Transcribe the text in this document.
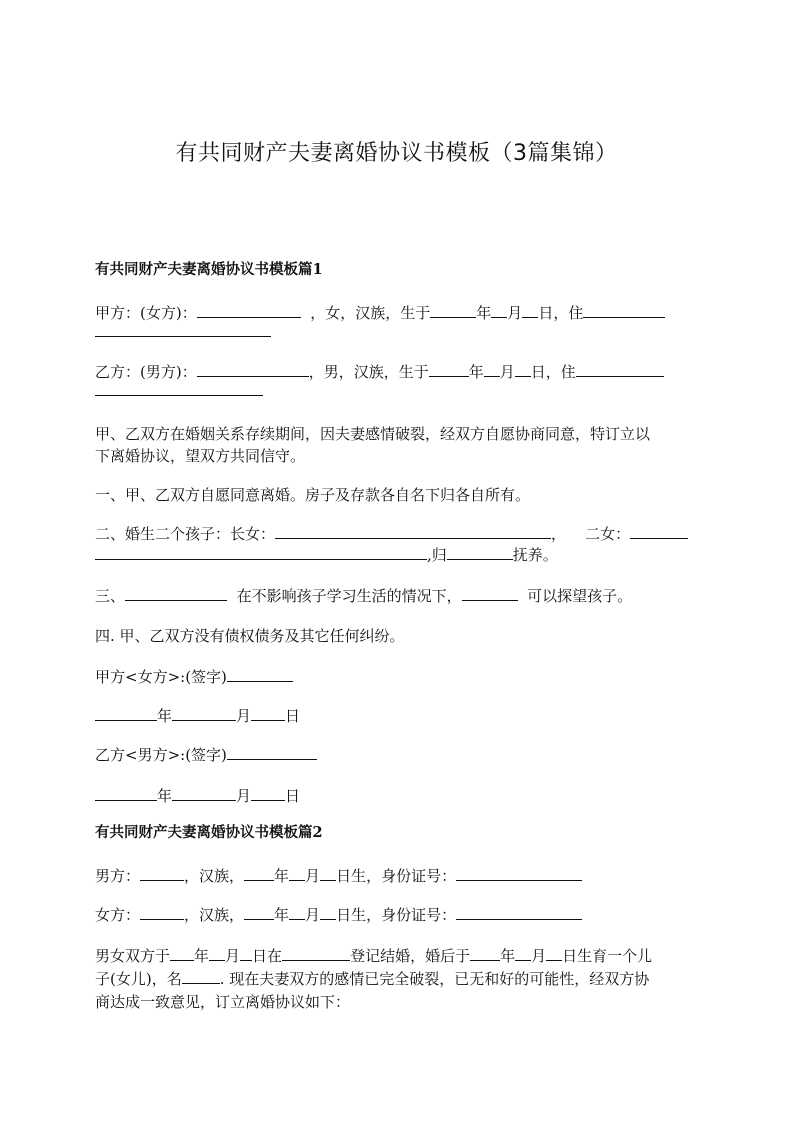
有共同财产夫妻离婚协议书模板（3篇集锦）
有共同财产夫妻离婚协议书模板篇1
甲方：(女方)：	，女，汉族，生于	年 月 日，住
乙方：(男方)：	，男，汉族，生于	年 月 日，住
甲、乙双方在婚姻关系存续期间，因夫妻感情破裂，经双方自愿协商同意，特订立以
下离婚协议，望双方共同信守。
一、甲、乙双方自愿同意离婚。房子及存款各自名下归各自所有。
二、婚生二个孩子：长女：	， 二女：
,归	抚养。
三、	在不影响孩子学习生活的情况下，	可以探望孩子。
四. 甲、乙双方没有债权债务及其它任何纠纷。
甲方<女方>:(签字)
年	月 日
乙方<男方>:(签字)
年	月 日
有共同财产夫妻离婚协议书模板篇2
男方：	，汉族， 年 月 日生，身份证号：
女方：	，汉族， 年 月 日生，身份证号：
男女双方于 年 月 日在	登记结婚，婚后于 年 月 日生育一个儿
子(女儿)，名	. 现在夫妻双方的感情已完全破裂，已无和好的可能性，经双方协
商达成一致意见，订立离婚协议如下：
